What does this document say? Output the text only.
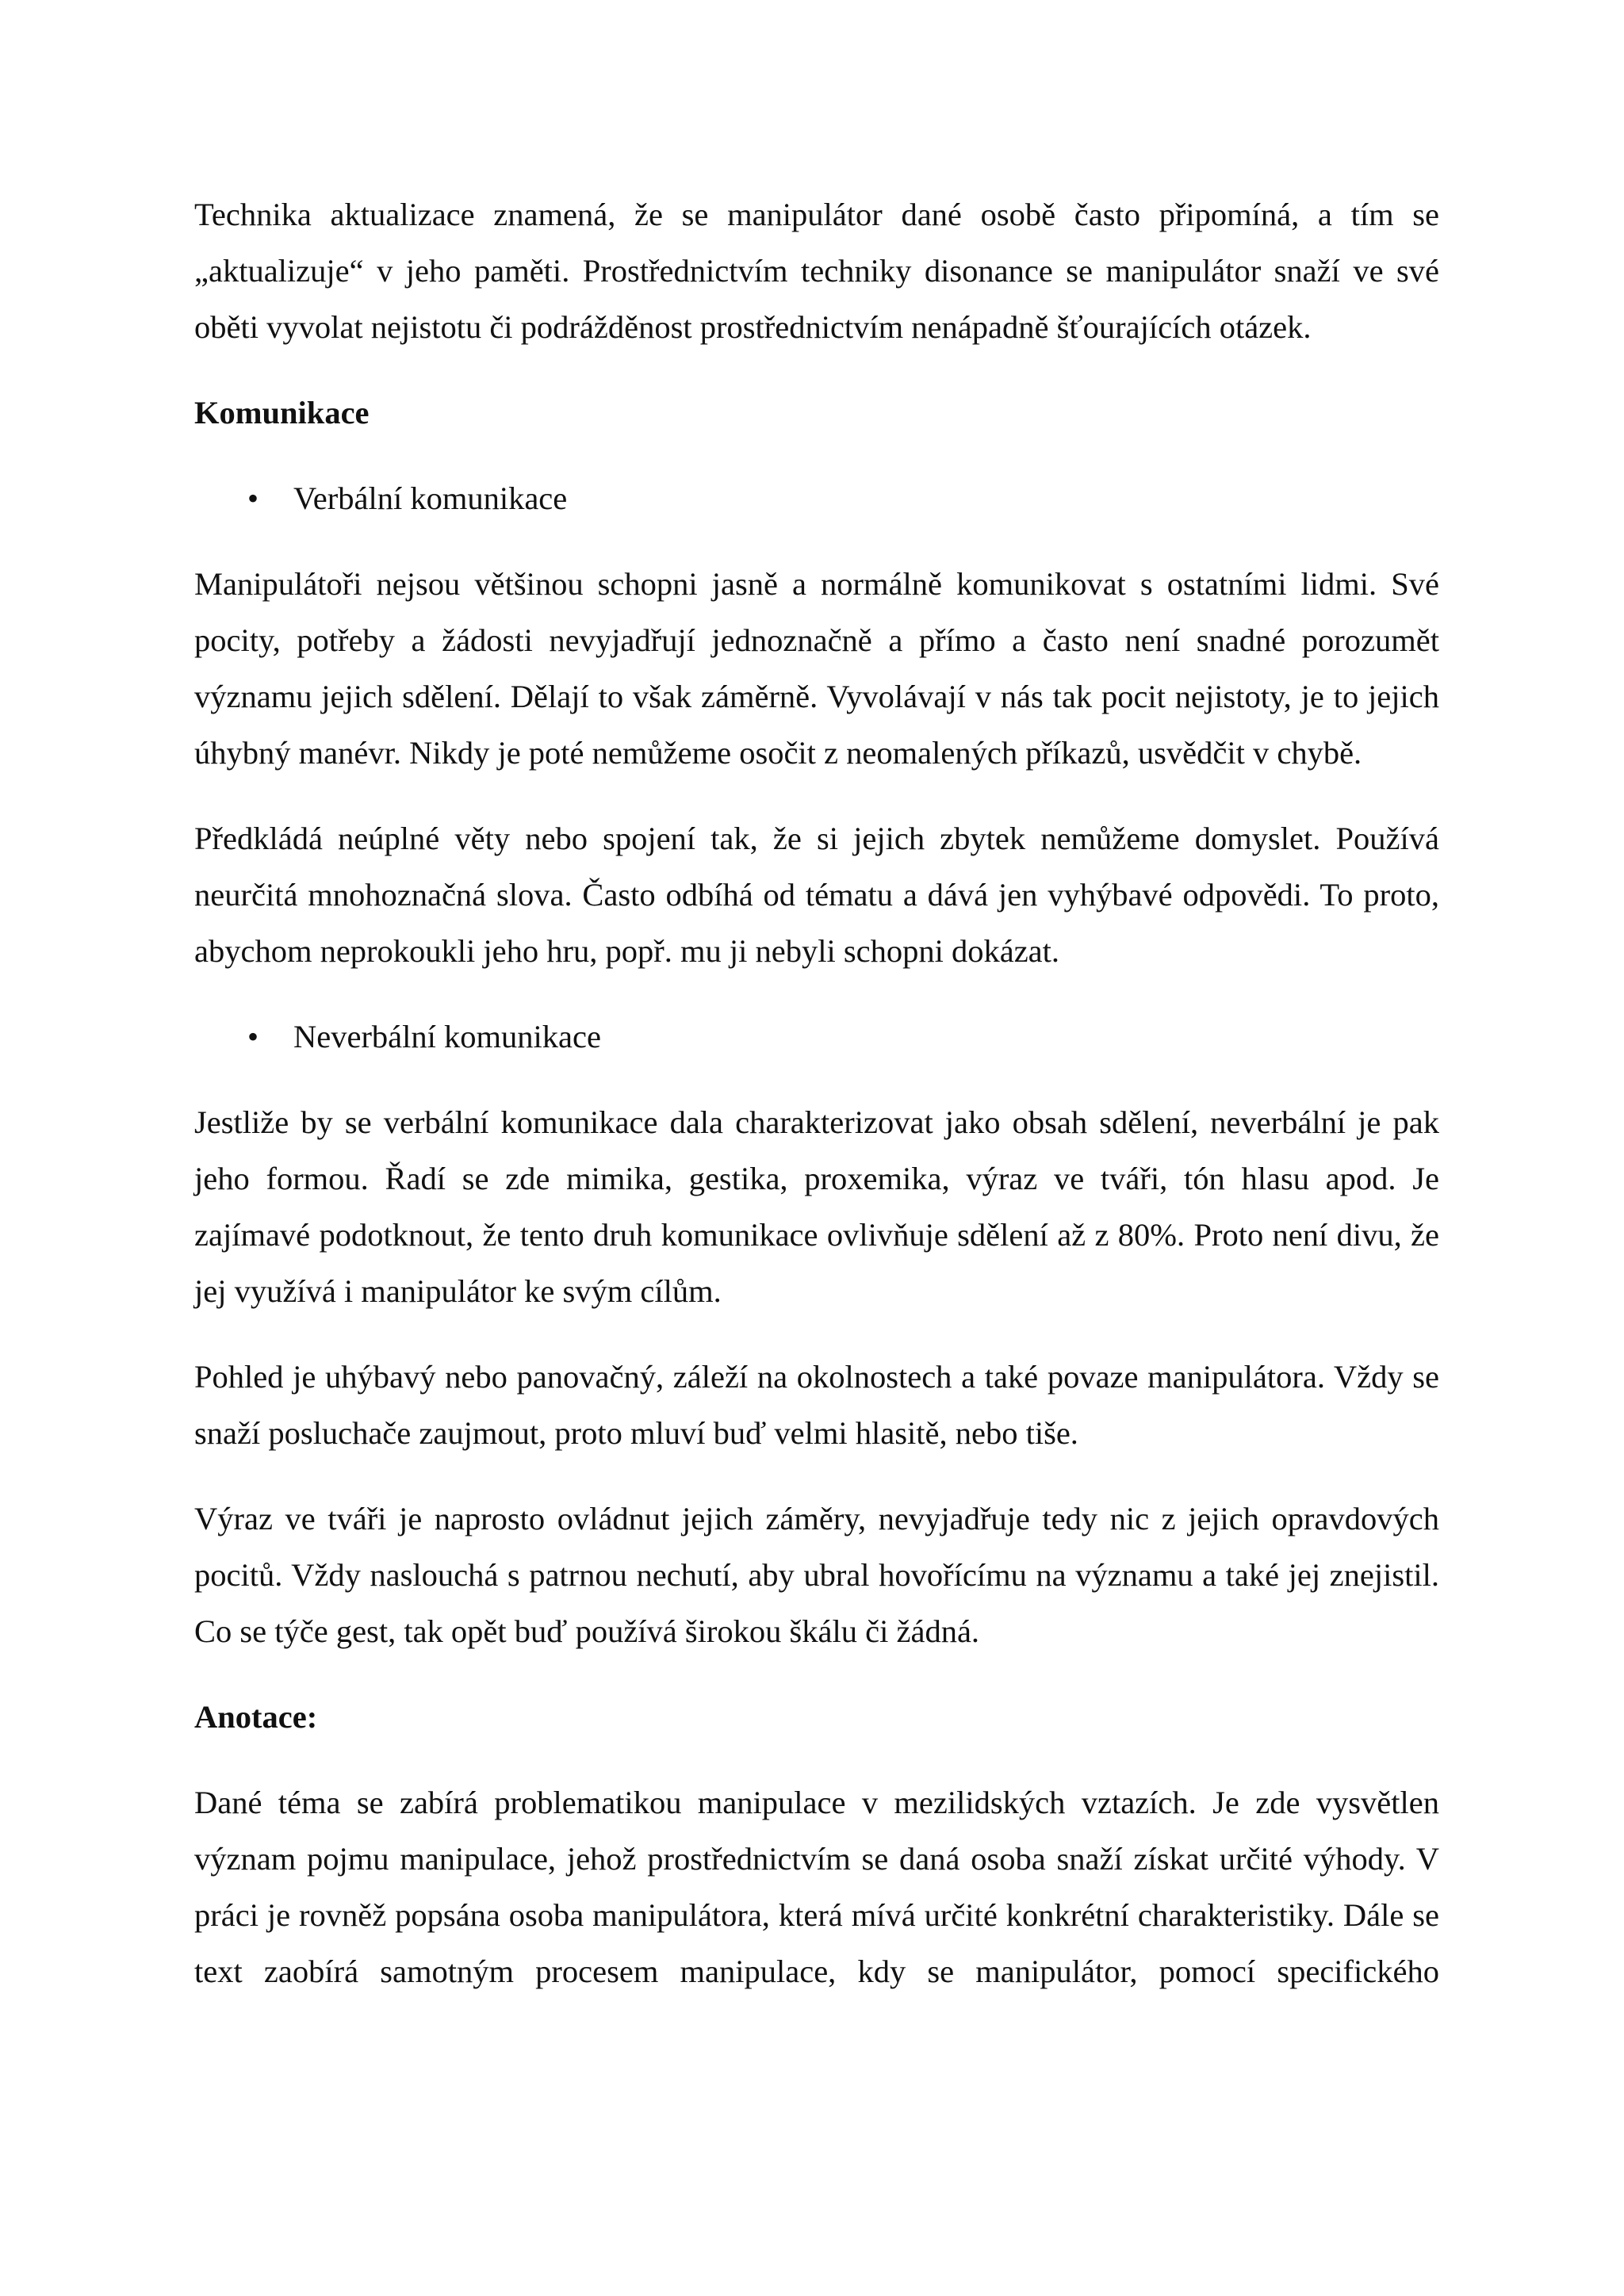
Technika aktualizace znamená, že se manipulátor dané osobě často připomíná, a tím se „aktualizuje“ v jeho paměti. Prostřednictvím techniky disonance se manipulátor snaží ve své oběti vyvolat nejistotu či podrážděnost prostřednictvím nenápadně šťourajících otázek.

Komunikace

•	Verbální komunikace

Manipulátoři nejsou většinou schopni jasně a normálně komunikovat s ostatními lidmi. Své pocity, potřeby a žádosti nevyjadřují jednoznačně a přímo a často není snadné porozumět významu jejich sdělení. Dělají to však záměrně. Vyvolávají v nás tak pocit nejistoty, je to jejich úhybný manévr. Nikdy je poté nemůžeme osočit z neomalených příkazů, usvědčit v chybě.

Předkládá neúplné věty nebo spojení tak, že si jejich zbytek nemůžeme domyslet. Používá neurčitá mnohoznačná slova. Často odbíhá od tématu a dává jen vyhýbavé odpovědi. To proto, abychom neprokoukli jeho hru, popř. mu ji nebyli schopni dokázat.

•	Neverbální komunikace

Jestliže by se verbální komunikace dala charakterizovat jako obsah sdělení, neverbální je pak jeho formou. Řadí se zde mimika, gestika, proxemika, výraz ve tváři, tón hlasu apod. Je zajímavé podotknout, že tento druh komunikace ovlivňuje sdělení až z 80%. Proto není divu, že jej využívá i manipulátor ke svým cílům.

Pohled je uhýbavý nebo panovačný, záleží na okolnostech a také povaze manipulátora. Vždy se snaží posluchače zaujmout, proto mluví buď velmi hlasitě, nebo tiše.

Výraz ve tváři je naprosto ovládnut jejich záměry, nevyjadřuje tedy nic z jejich opravdových pocitů. Vždy naslouchá s patrnou nechutí, aby ubral hovořícímu na významu a také jej znejistil. Co se týče gest, tak opět buď používá širokou škálu či žádná.

Anotace:

Dané téma se zabírá problematikou manipulace v mezilidských vztazích. Je zde vysvětlen význam pojmu manipulace, jehož prostřednictvím se daná osoba snaží získat určité výhody. V práci je rovněž popsána osoba manipulátora, která mívá určité konkrétní charakteristiky. Dále se text zaobírá samotným procesem manipulace, kdy se manipulátor, pomocí specifického
